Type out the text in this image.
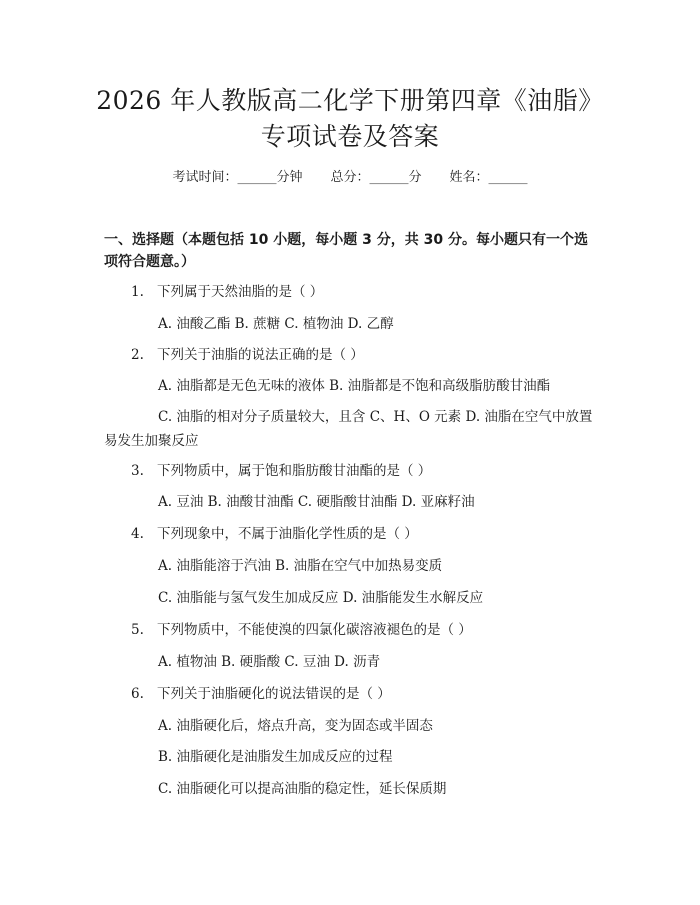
2026 年人教版高二化学下册第四章《油脂》
专项试卷及答案
考试时间：______分钟 总分：______分 姓名：______
一、选择题（本题包括 10 小题，每小题 3 分，共 30 分。每小题只有一个选项符合题意。）
1. 下列属于天然油脂的是（ ）
A. 油酸乙酯 B. 蔗糖 C. 植物油 D. 乙醇
2. 下列关于油脂的说法正确的是（ ）
A. 油脂都是无色无味的液体 B. 油脂都是不饱和高级脂肪酸甘油酯
C. 油脂的相对分子质量较大，且含 C、H、O 元素 D. 油脂在空气中放置易发生加聚反应
3. 下列物质中，属于饱和脂肪酸甘油酯的是（ ）
A. 豆油 B. 油酸甘油酯 C. 硬脂酸甘油酯 D. 亚麻籽油
4. 下列现象中，不属于油脂化学性质的是（ ）
A. 油脂能溶于汽油 B. 油脂在空气中加热易变质
C. 油脂能与氢气发生加成反应 D. 油脂能发生水解反应
5. 下列物质中，不能使溴的四氯化碳溶液褪色的是（ ）
A. 植物油 B. 硬脂酸 C. 豆油 D. 沥青
6. 下列关于油脂硬化的说法错误的是（ ）
A. 油脂硬化后，熔点升高，变为固态或半固态
B. 油脂硬化是油脂发生加成反应的过程
C. 油脂硬化可以提高油脂的稳定性，延长保质期
